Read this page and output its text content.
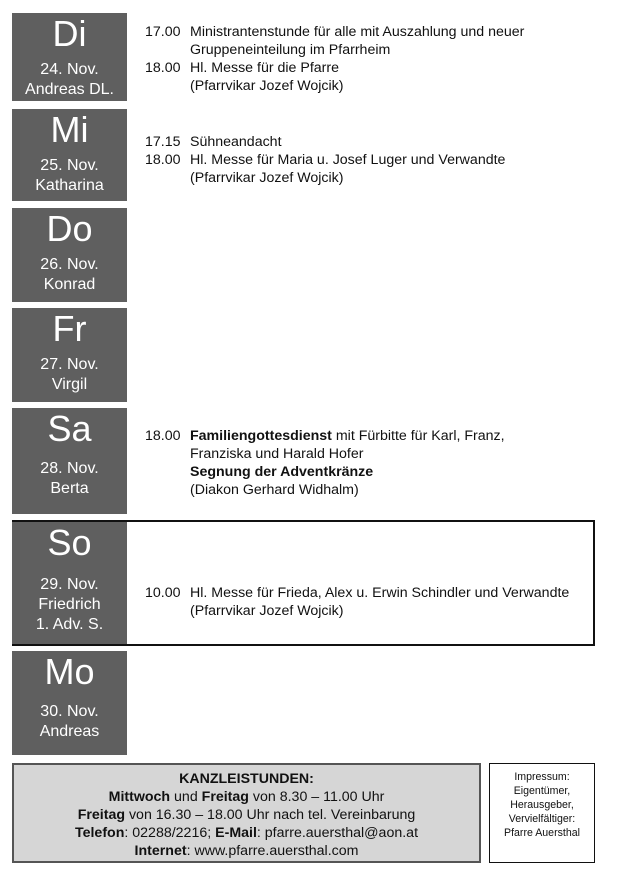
Di
24. Nov.
Andreas DL.
Mi
25. Nov.
Katharina
Do
26. Nov.
Konrad
Fr
27. Nov.
Virgil
Sa
28. Nov.
Berta
So
29. Nov.
Friedrich
1. Adv. S.
Mo
30. Nov.
Andreas
17.00 Ministrantenstunde für alle mit Auszahlung und neuer
Gruppeneinteilung im Pfarrheim
18.00 Hl. Messe für die Pfarre
(Pfarrvikar Jozef Wojcik)
17.15 Sühneandacht
18.00 Hl. Messe für Maria u. Josef Luger und Verwandte
(Pfarrvikar Jozef Wojcik)
18.00 Familiengottesdienst mit Fürbitte für Karl, Franz,
Franziska und Harald Hofer
Segnung der Adventkränze
(Diakon Gerhard Widhalm)
10.00 Hl. Messe für Frieda, Alex u. Erwin Schindler und Verwandte
(Pfarrvikar Jozef Wojcik)
KANZLEISTUNDEN:
Mittwoch und Freitag von 8.30 – 11.00 Uhr
Freitag von 16.30 – 18.00 Uhr nach tel. Vereinbarung
Telefon: 02288/2216; E-Mail: pfarre.auersthal@aon.at
Internet: www.pfarre.auersthal.com
Impressum:
Eigentümer,
Herausgeber,
Vervielfältiger:
Pfarre Auersthal
